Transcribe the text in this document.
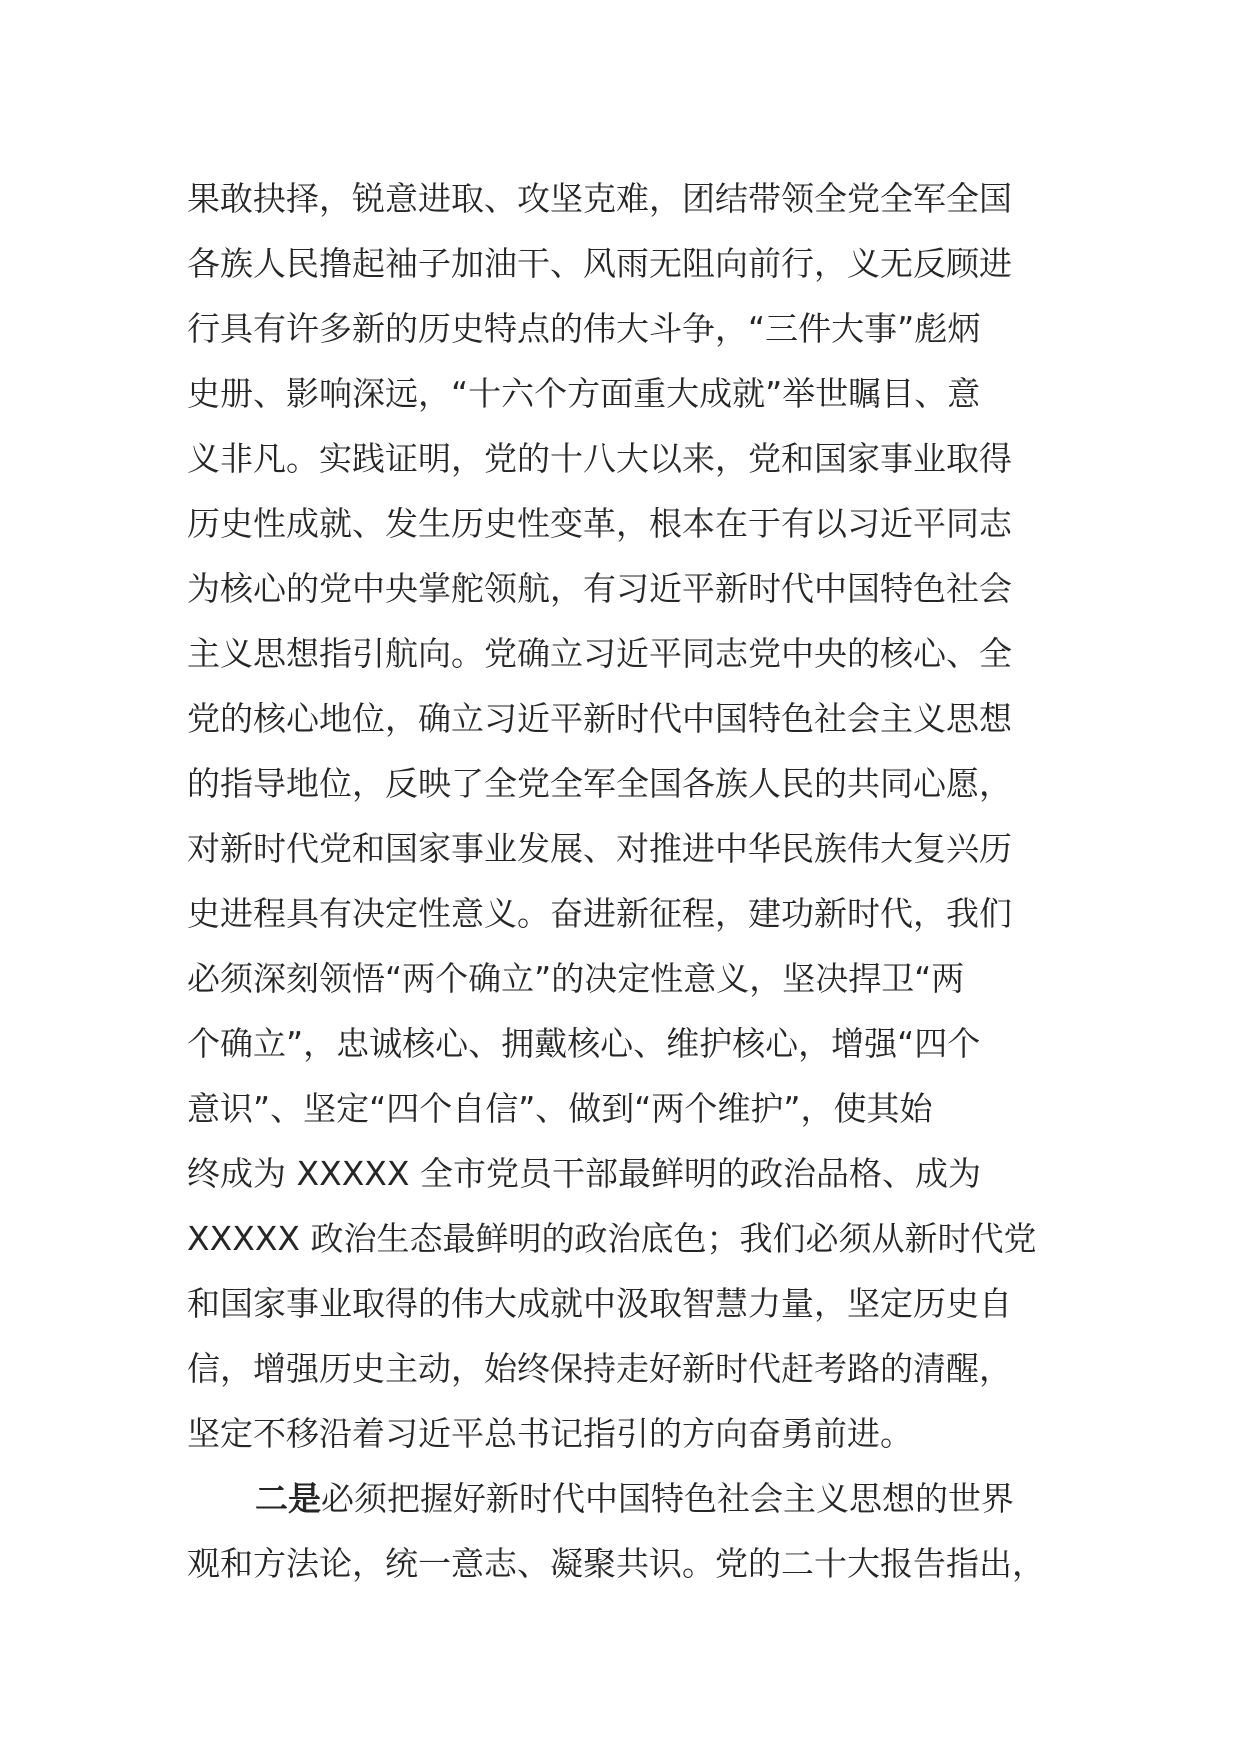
果敢抉择，锐意进取、攻坚克难，团结带领全党全军全国
各族人民撸起袖子加油干、风雨无阻向前行，义无反顾进
行具有许多新的历史特点的伟大斗争，“三件大事”彪炳
史册、影响深远，“十六个方面重大成就”举世瞩目、意
义非凡。实践证明，党的十八大以来，党和国家事业取得
历史性成就、发生历史性变革，根本在于有以习近平同志
为核心的党中央掌舵领航，有习近平新时代中国特色社会
主义思想指引航向。党确立习近平同志党中央的核心、全
党的核心地位，确立习近平新时代中国特色社会主义思想
的指导地位，反映了全党全军全国各族人民的共同心愿，
对新时代党和国家事业发展、对推进中华民族伟大复兴历
史进程具有决定性意义。奋进新征程，建功新时代，我们
必须深刻领悟“两个确立”的决定性意义，坚决捍卫“两
个确立”，忠诚核心、拥戴核心、维护核心，增强“四个
意识”、坚定“四个自信”、做到“两个维护”，使其始
终成为 XXXXX 全市党员干部最鲜明的政治品格、成为
XXXXX 政治生态最鲜明的政治底色；我们必须从新时代党
和国家事业取得的伟大成就中汲取智慧力量，坚定历史自
信，增强历史主动，始终保持走好新时代赶考路的清醒，
坚定不移沿着习近平总书记指引的方向奋勇前进。
二是必须把握好新时代中国特色社会主义思想的世界
观和方法论，统一意志、凝聚共识。党的二十大报告指出，
